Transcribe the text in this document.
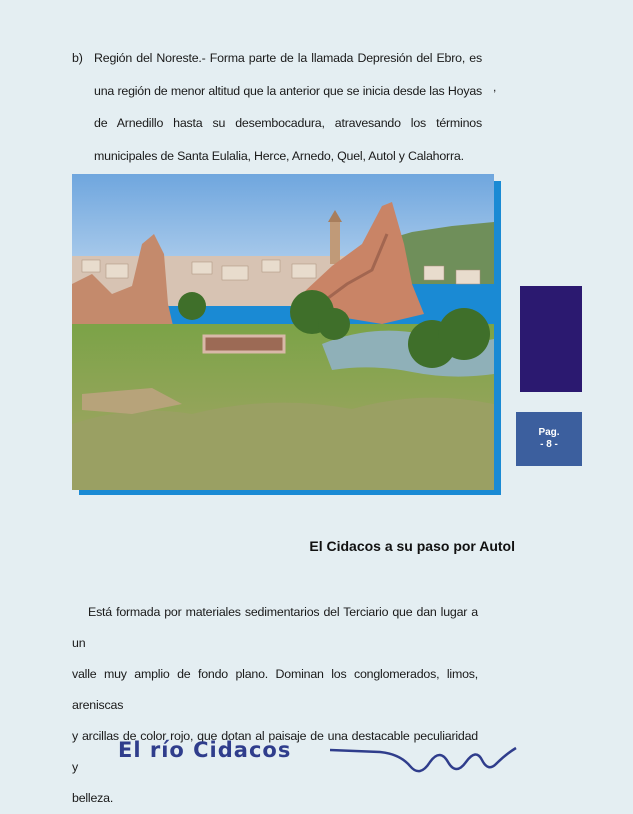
b) Región del Noreste.- Forma parte de la llamada Depresión del Ebro, es una región de menor altitud que la anterior que se inicia desde las Hoyas de Arnedillo hasta su desembocadura, atravesando los términos municipales de Santa Eulalia, Herce, Arnedo, Quel, Autol y Calahorra.
,
Pag.
- 8 -
El Cidacos a su paso por Autol
Está formada por materiales sedimentarios del Terciario que dan lugar a un
valle muy amplio de fondo plano. Dominan los conglomerados, limos, areniscas
y arcillas de color rojo, que dotan al paisaje de una destacable peculiaridad y
belleza.
El río Cidacos
